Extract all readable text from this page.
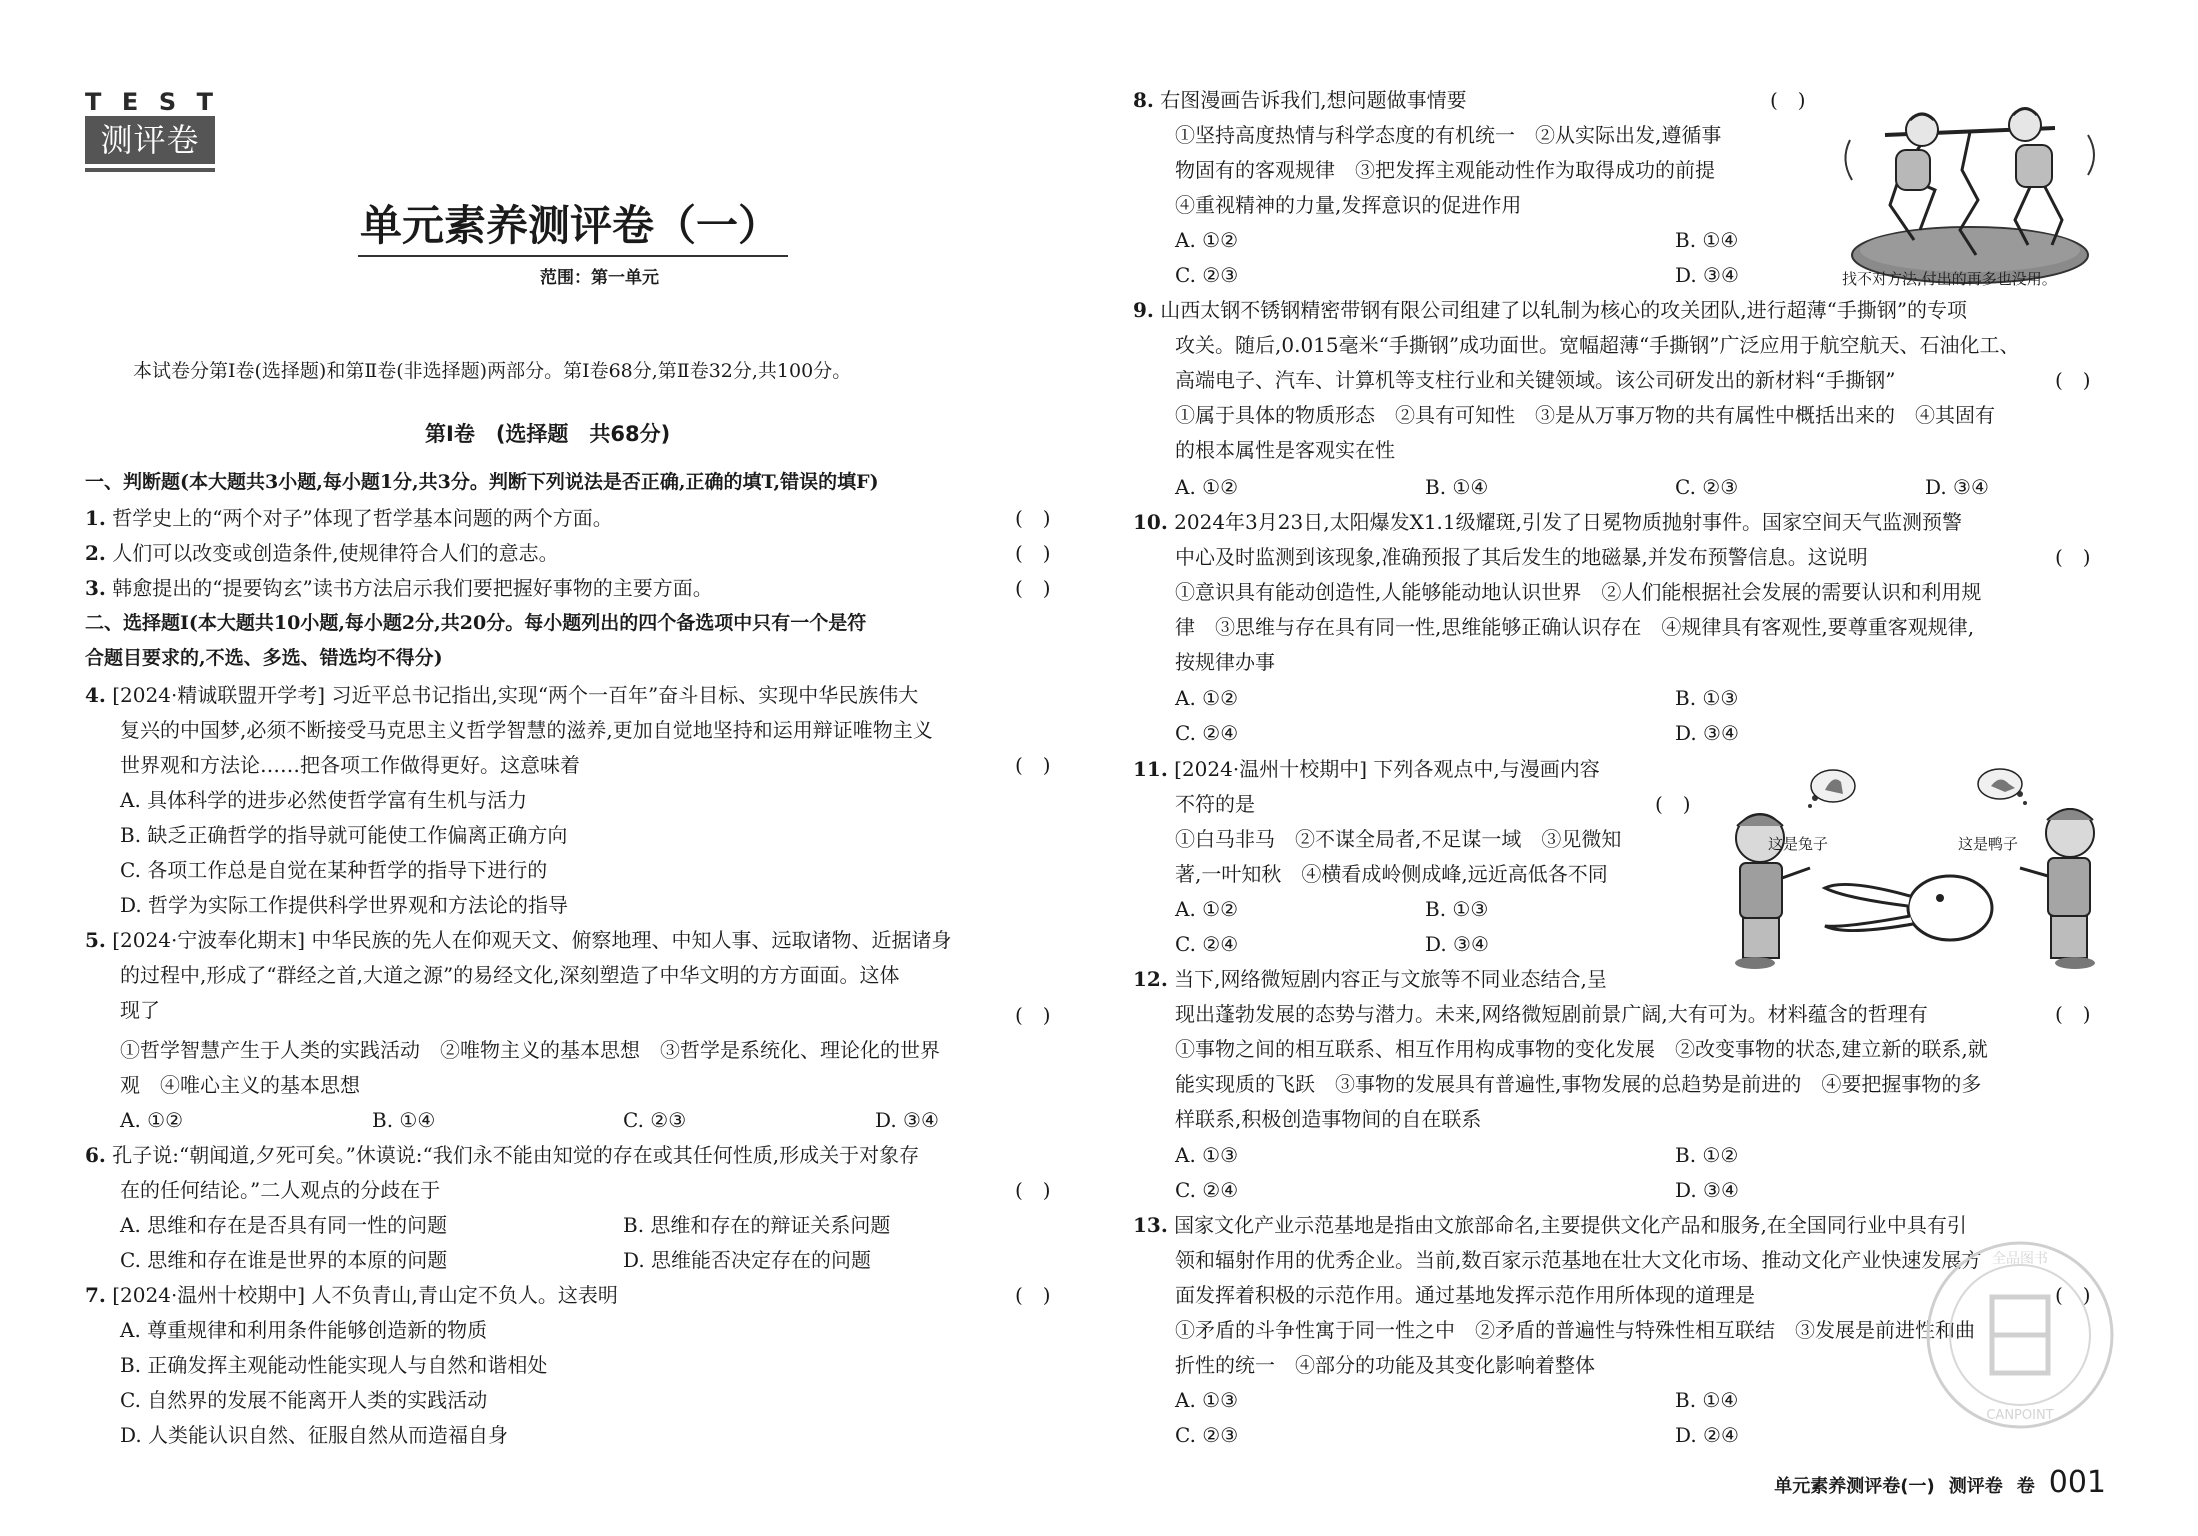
T E S T
测评卷
单元素养测评卷（一）
范围：第一单元
本试卷分第Ⅰ卷(选择题)和第Ⅱ卷(非选择题)两部分。第Ⅰ卷68分,第Ⅱ卷32分,共100分。
第Ⅰ卷　(选择题　共68分)
一、判断题(本大题共3小题,每小题1分,共3分。判断下列说法是否正确,正确的填T,错误的填F)
1. 哲学史上的“两个对子”体现了哲学基本问题的两个方面。	(　)
2. 人们可以改变或创造条件,使规律符合人们的意志。	(　)
3. 韩愈提出的“提要钩玄”读书方法启示我们要把握好事物的主要方面。	(　)
二、选择题Ⅰ(本大题共10小题,每小题2分,共20分。每小题列出的四个备选项中只有一个是符
合题目要求的,不选、多选、错选均不得分)
4. [2024·精诚联盟开学考] 习近平总书记指出,实现“两个一百年”奋斗目标、实现中华民族伟大
复兴的中国梦,必须不断接受马克思主义哲学智慧的滋养,更加自觉地坚持和运用辩证唯物主义
世界观和方法论……把各项工作做得更好。这意味着	(　)
A. 具体科学的进步必然使哲学富有生机与活力
B. 缺乏正确哲学的指导就可能使工作偏离正确方向
C. 各项工作总是自觉在某种哲学的指导下进行的
D. 哲学为实际工作提供科学世界观和方法论的指导
5. [2024·宁波奉化期末] 中华民族的先人在仰观天文、俯察地理、中知人事、远取诸物、近据诸身
的过程中,形成了“群经之首,大道之源”的易经文化,深刻塑造了中华文明的方方面面。这体
现了	(　)
①哲学智慧产生于人类的实践活动　②唯物主义的基本思想　③哲学是系统化、理论化的世界
观　④唯心主义的基本思想
A. ①②	B. ①④	C. ②③	D. ③④
6. 孔子说:“朝闻道,夕死可矣。”休谟说:“我们永不能由知觉的存在或其任何性质,形成关于对象存
在的任何结论。”二人观点的分歧在于	(　)
A. 思维和存在是否具有同一性的问题	B. 思维和存在的辩证关系问题
C. 思维和存在谁是世界的本原的问题	D. 思维能否决定存在的问题
7. [2024·温州十校期中] 人不负青山,青山定不负人。这表明	(　)
A. 尊重规律和利用条件能够创造新的物质
B. 正确发挥主观能动性能实现人与自然和谐相处
C. 自然界的发展不能离开人类的实践活动
D. 人类能认识自然、征服自然从而造福自身
8. 右图漫画告诉我们,想问题做事情要	(　)
①坚持高度热情与科学态度的有机统一　②从实际出发,遵循事
物固有的客观规律　③把发挥主观能动性作为取得成功的前提
④重视精神的力量,发挥意识的促进作用
A. ①②	B. ①④
C. ②③	D. ③④	找不对方法,付出的再多也没用。
9. 山西太钢不锈钢精密带钢有限公司组建了以轧制为核心的攻关团队,进行超薄“手撕钢”的专项
攻关。随后,0.015毫米“手撕钢”成功面世。宽幅超薄“手撕钢”广泛应用于航空航天、石油化工、
高端电子、汽车、计算机等支柱行业和关键领域。该公司研发出的新材料“手撕钢”	(　)
①属于具体的物质形态　②具有可知性　③是从万事万物的共有属性中概括出来的　④其固有
的根本属性是客观实在性
A. ①②	B. ①④	C. ②③	D. ③④
10. 2024年3月23日,太阳爆发X1.1级耀斑,引发了日冕物质抛射事件。国家空间天气监测预警
中心及时监测到该现象,准确预报了其后发生的地磁暴,并发布预警信息。这说明	(　)
①意识具有能动创造性,人能够能动地认识世界　②人们能根据社会发展的需要认识和利用规
律　③思维与存在具有同一性,思维能够正确认识存在　④规律具有客观性,要尊重客观规律,
按规律办事
A. ①②	B. ①③
C. ②④	D. ③④
11. [2024·温州十校期中] 下列各观点中,与漫画内容
不符的是	(　)
①白马非马　②不谋全局者,不足谋一域　③见微知
著,一叶知秋　④横看成岭侧成峰,远近高低各不同
A. ①②	B. ①③
C. ②④	D. ③④
这是兔子	这是鸭子
12. 当下,网络微短剧内容正与文旅等不同业态结合,呈
现出蓬勃发展的态势与潜力。未来,网络微短剧前景广阔,大有可为。材料蕴含的哲理有	(　)
①事物之间的相互联系、相互作用构成事物的变化发展　②改变事物的状态,建立新的联系,就
能实现质的飞跃　③事物的发展具有普遍性,事物发展的总趋势是前进的　④要把握事物的多
样联系,积极创造事物间的自在联系
A. ①③	B. ①②
C. ②④	D. ③④
13. 国家文化产业示范基地是指由文旅部命名,主要提供文化产品和服务,在全国同行业中具有引
领和辐射作用的优秀企业。当前,数百家示范基地在壮大文化市场、推动文化产业快速发展方
面发挥着积极的示范作用。通过基地发挥示范作用所体现的道理是	(　)
①矛盾的斗争性寓于同一性之中　②矛盾的普遍性与特殊性相互联结　③发展是前进性和曲
折性的统一　④部分的功能及其变化影响着整体
A. ①③	B. ①④
C. ②③	D. ②④
全品图书
CANPOINT
单元素养测评卷(一) 测评卷 卷 001
